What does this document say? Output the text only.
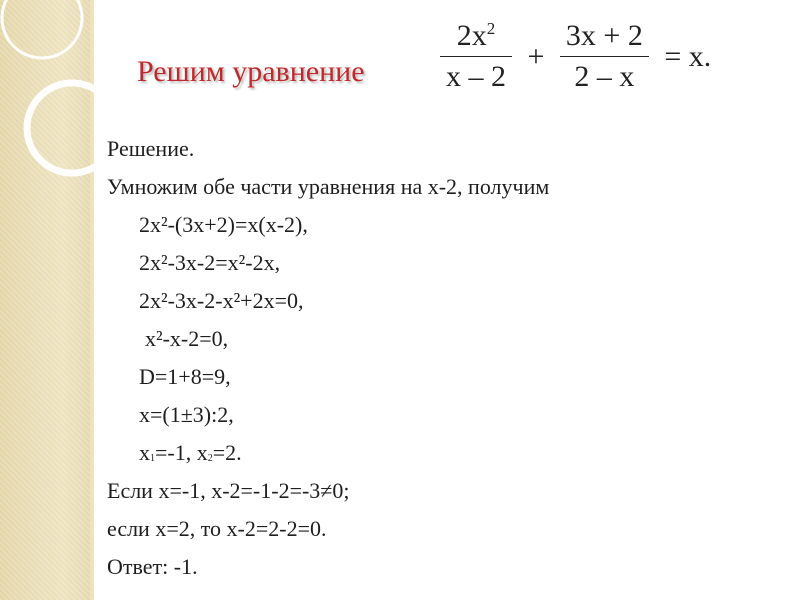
Решим уравнение	$\frac{2x^2}{x - 2} + \frac{3x + 2}{2 - x} = x$.
Решение.
Умножим обе части уравнения на x-2, получим
2x²-(3x+2)=x(x-2),
2x²-3x-2=x²-2x,
2x²-3x-2-x²+2x=0,
x²-x-2=0,
D=1+8=9,
x=(1±3):2,
$x_1=-1$, $x_2=2$.
Если x=-1, x-2=-1-2=-3≠0;
если x=2, то x-2=2-2=0.
Ответ: -1.
